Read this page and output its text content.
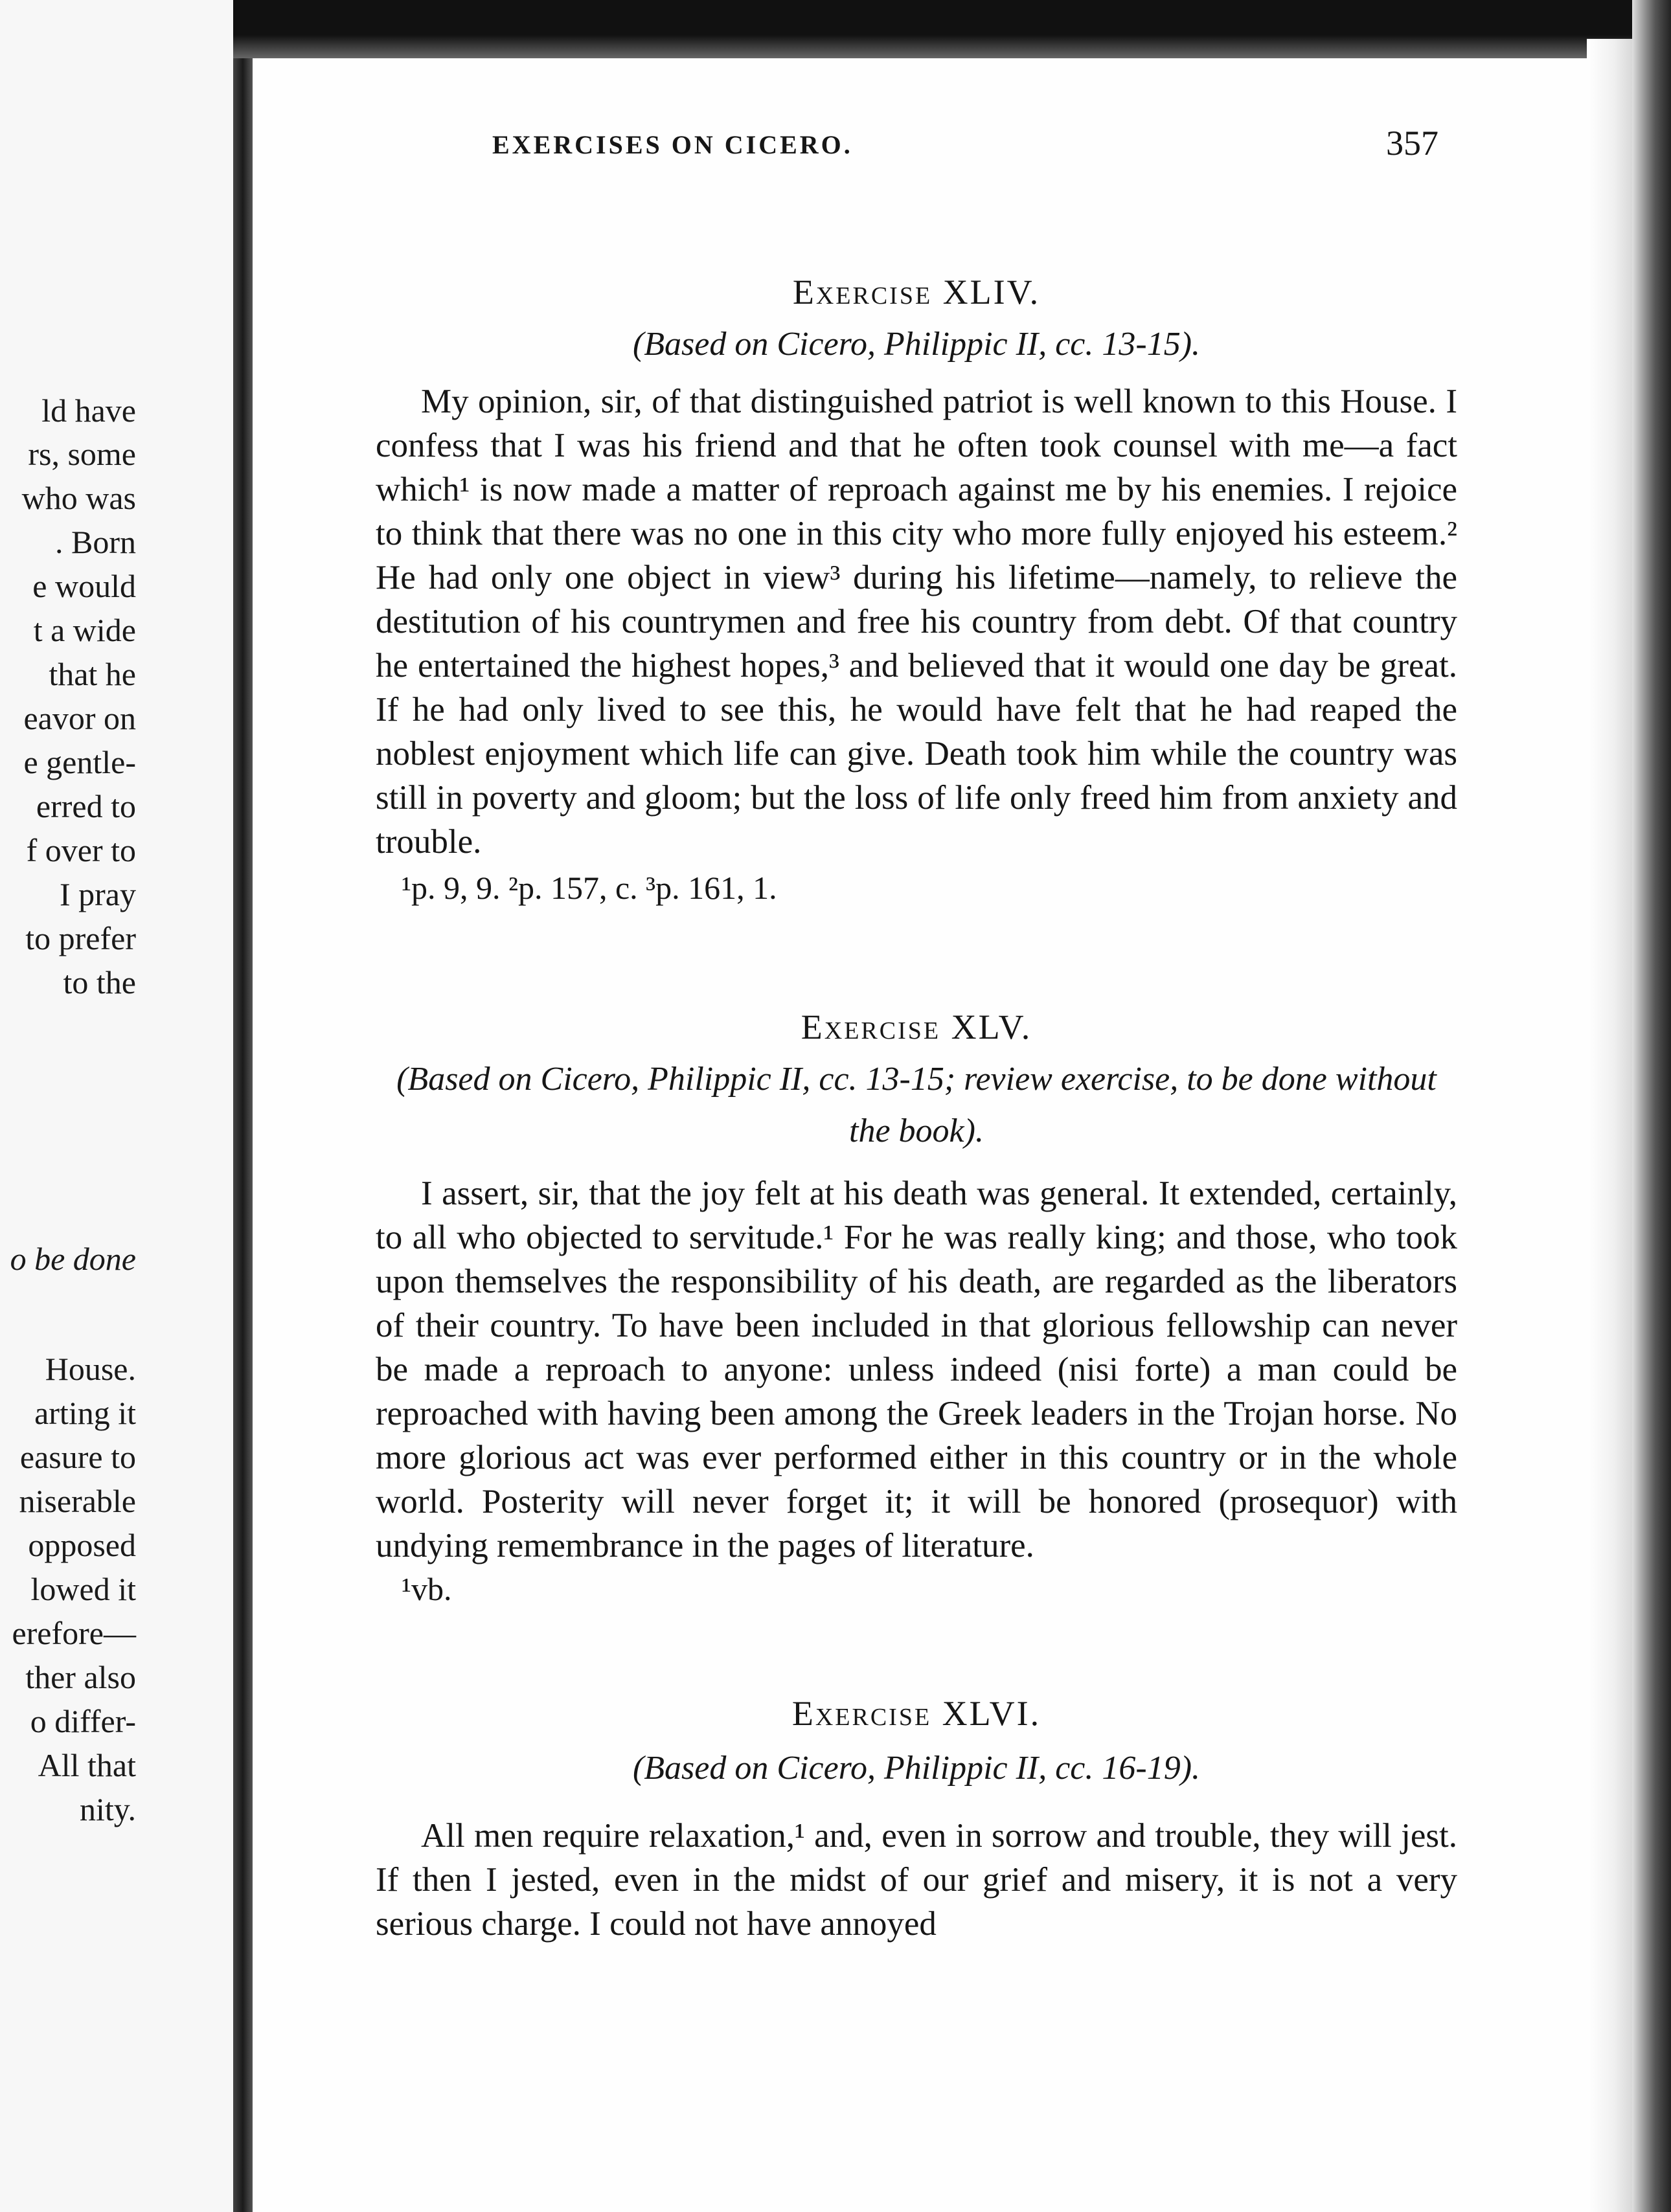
ld have
rs, some
who was
. Born
e would
t a wide
that he
eavor on
e gentle-
erred to
f over to
I pray
to prefer
to the
o be done
House.
arting it
easure to
niserable
opposed
lowed it
erefore—
ther also
o differ-
All that
nity.
EXERCISES ON CICERO.	357

Exercise XLIV.

(Based on Cicero, Philippic II, cc. 13-15).

My opinion, sir, of that distinguished patriot is well known to this House. I confess that I was his friend and that he often took counsel with me—a fact which¹ is now made a matter of reproach against me by his enemies. I rejoice to think that there was no one in this city who more fully enjoyed his esteem.² He had only one object in view³ during his lifetime—namely, to relieve the destitution of his countrymen and free his country from debt. Of that country he entertained the highest hopes,³ and believed that it would one day be great. If he had only lived to see this, he would have felt that he had reaped the noblest enjoyment which life can give. Death took him while the country was still in poverty and gloom; but the loss of life only freed him from anxiety and trouble.

¹p. 9, 9. ²p. 157, c. ³p. 161, 1.

Exercise XLV.

(Based on Cicero, Philippic II, cc. 13-15; review exercise, to be done without the book).

I assert, sir, that the joy felt at his death was general. It extended, certainly, to all who objected to servitude.¹ For he was really king; and those, who took upon themselves the responsibility of his death, are regarded as the liberators of their country. To have been included in that glorious fellowship can never be made a reproach to anyone: unless indeed (nisi forte) a man could be reproached with having been among the Greek leaders in the Trojan horse. No more glorious act was ever performed either in this country or in the whole world. Posterity will never forget it; it will be honored (prosequor) with undying remembrance in the pages of literature.

¹vb.

Exercise XLVI.

(Based on Cicero, Philippic II, cc. 16-19).

All men require relaxation,¹ and, even in sorrow and trouble, they will jest. If then I jested, even in the midst of our grief and misery, it is not a very serious charge. I could not have annoyed
